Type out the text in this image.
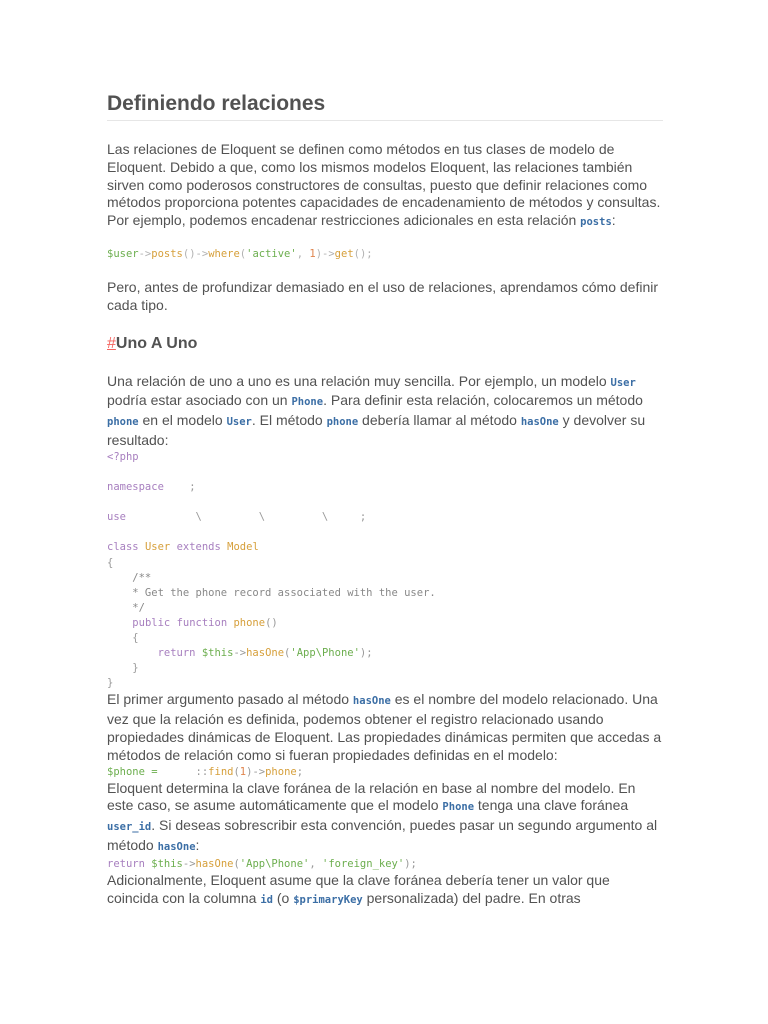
Definiendo relaciones

Las relaciones de Eloquent se definen como métodos en tus clases de modelo de Eloquent. Debido a que, como los mismos modelos Eloquent, las relaciones también sirven como poderosos constructores de consultas, puesto que definir relaciones como métodos proporciona potentes capacidades de encadenamiento de métodos y consultas. Por ejemplo, podemos encadenar restricciones adicionales en esta relación posts:

$user->posts()->where('active', 1)->get();

Pero, antes de profundizar demasiado en el uso de relaciones, aprendamos cómo definir cada tipo.

#Uno A Uno

Una relación de uno a uno es una relación muy sencilla. Por ejemplo, un modelo User podría estar asociado con un Phone. Para definir esta relación, colocaremos un método phone en el modelo User. El método phone debería llamar al método hasOne y devolver su resultado:

<?php

namespace    ;

use           \         \         \     ;

class User extends Model
{
/**
* Get the phone record associated with the user.
*/
public function phone()
{
return $this->hasOne('App\Phone');
}
}

El primer argumento pasado al método hasOne es el nombre del modelo relacionado. Una vez que la relación es definida, podemos obtener el registro relacionado usando propiedades dinámicas de Eloquent. Las propiedades dinámicas permiten que accedas a métodos de relación como si fueran propiedades definidas en el modelo:

$phone =	::find(1)->phone;

Eloquent determina la clave foránea de la relación en base al nombre del modelo. En este caso, se asume automáticamente que el modelo Phone tenga una clave foránea user_id. Si deseas sobrescribir esta convención, puedes pasar un segundo argumento al método hasOne:

return $this->hasOne('App\Phone', 'foreign_key');

Adicionalmente, Eloquent asume que la clave foránea debería tener un valor que coincida con la columna id (o $primaryKey personalizada) del padre. En otras
